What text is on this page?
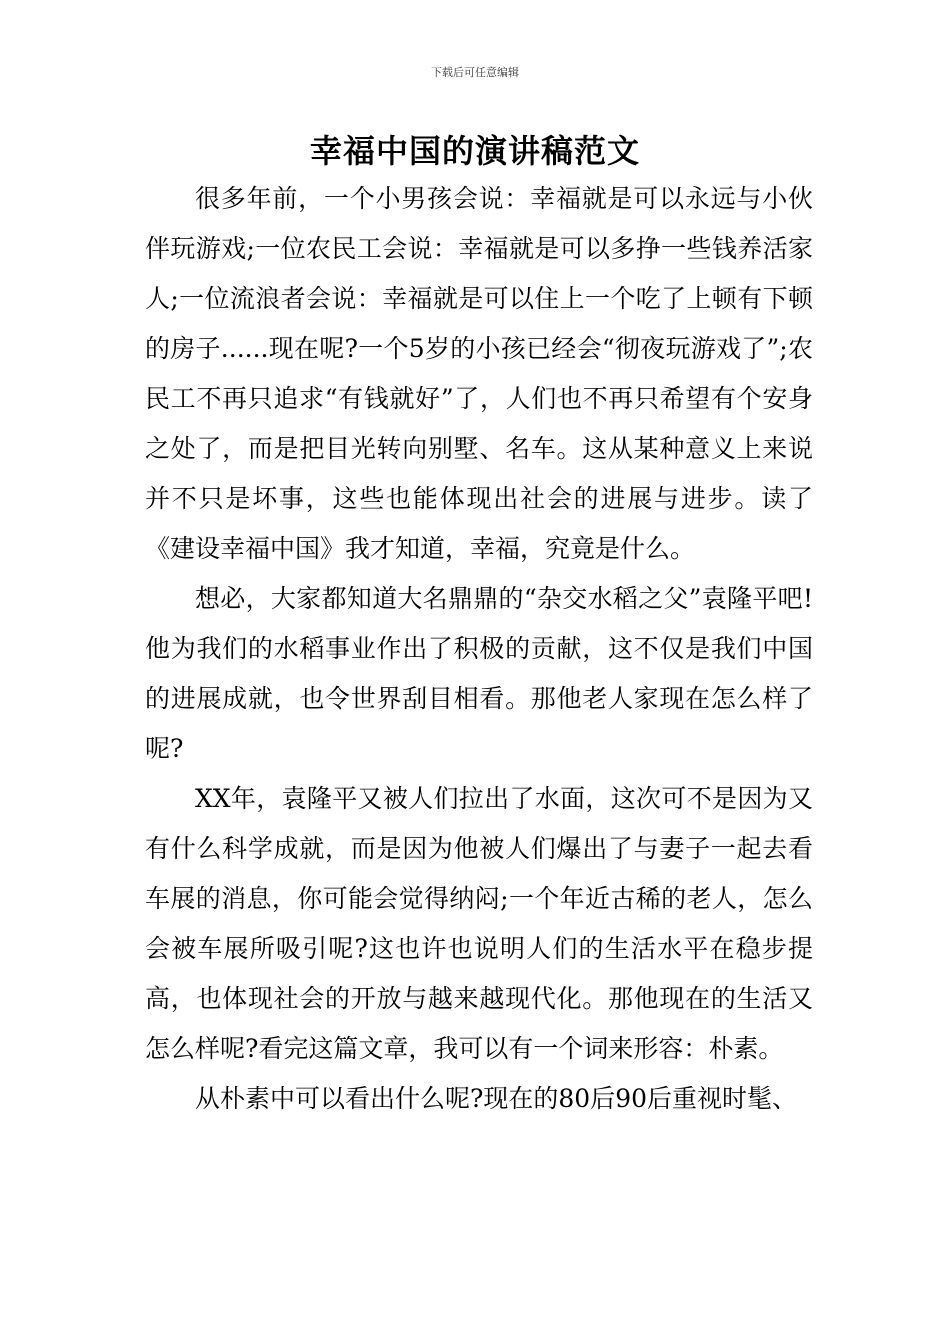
下载后可任意编辑
幸福中国的演讲稿范文

很多年前，一个小男孩会说：幸福就是可以永远与小伙伴玩游戏;一位农民工会说：幸福就是可以多挣一些钱养活家人;一位流浪者会说：幸福就是可以住上一个吃了上顿有下顿的房子......现在呢?一个5岁的小孩已经会“彻夜玩游戏了”;农民工不再只追求“有钱就好”了，人们也不再只希望有个安身之处了，而是把目光转向别墅、名车。这从某种意义上来说并不只是坏事，这些也能体现出社会的进展与进步。读了《建设幸福中国》我才知道，幸福，究竟是什么。

想必，大家都知道大名鼎鼎的“杂交水稻之父”袁隆平吧!他为我们的水稻事业作出了积极的贡献，这不仅是我们中国的进展成就，也令世界刮目相看。那他老人家现在怎么样了呢?

XX年，袁隆平又被人们拉出了水面，这次可不是因为又有什么科学成就，而是因为他被人们爆出了与妻子一起去看车展的消息，你可能会觉得纳闷;一个年近古稀的老人，怎么会被车展所吸引呢?这也许也说明人们的生活水平在稳步提高，也体现社会的开放与越来越现代化。那他现在的生活又怎么样呢?看完这篇文章，我可以有一个词来形容：朴素。

从朴素中可以看出什么呢?现在的80后90后重视时髦、
